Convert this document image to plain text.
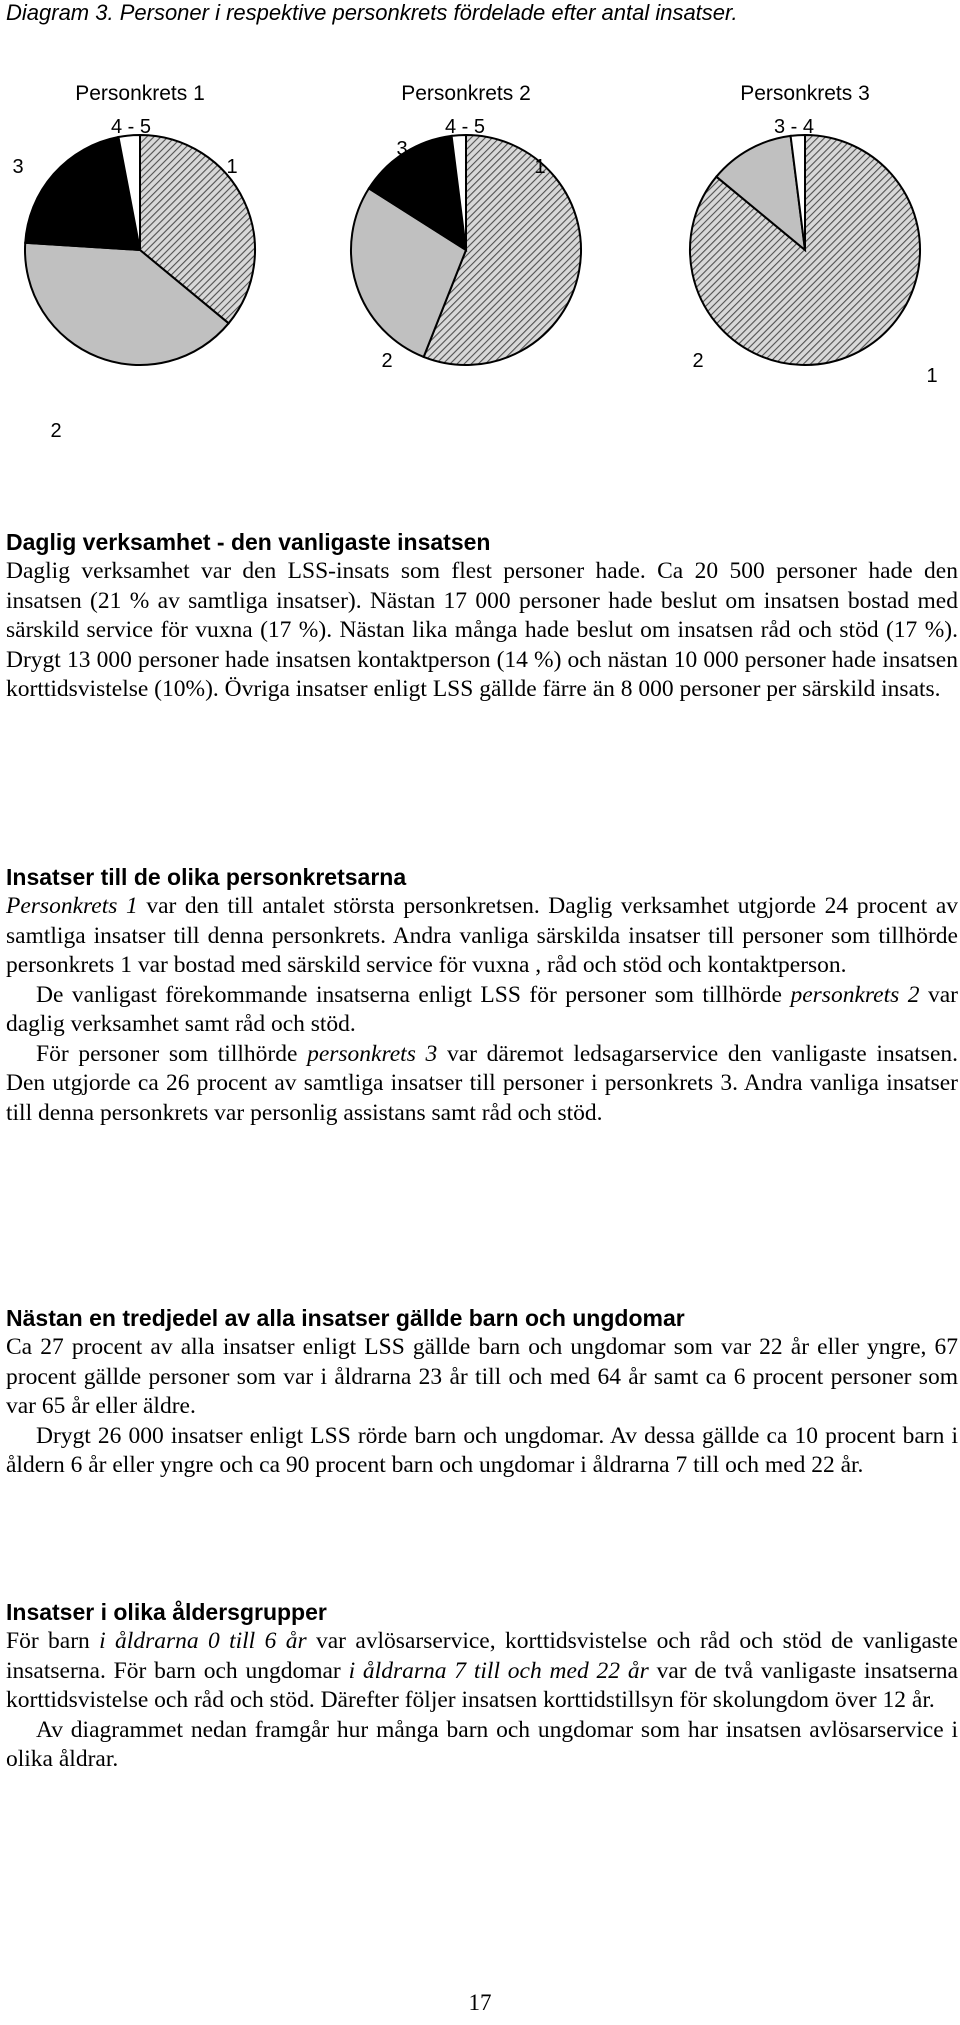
Diagram 3. Personer i respektive personkrets fördelade efter antal insatser.
Personkrets 1	Personkrets 2	Personkrets 3
1
2
3
4 - 5
1
2
3
4 - 5
1
2
3 - 4
Daglig verksamhet - den vanligaste insatsen

Daglig verksamhet var den LSS-insats som flest personer hade. Ca 20 500 personer hade den insatsen (21 % av samtliga insatser). Nästan 17 000 personer hade beslut om insatsen bostad med särskild service för vuxna (17 %). Nästan lika många hade beslut om insatsen råd och stöd (17 %). Drygt 13 000 personer hade insatsen kontaktperson (14 %) och nästan 10 000 personer hade insatsen korttidsvistelse (10%). Övriga insatser enligt LSS gällde färre än 8 000 personer per särskild insats.

Insatser till de olika personkretsarna

Personkrets 1 var den till antalet största personkretsen. Daglig verksamhet utgjorde 24 procent av samtliga insatser till denna personkrets. Andra vanliga särskilda insatser till personer som tillhörde personkrets 1 var bostad med särskild service för vuxna , råd och stöd och kontaktperson.

De vanligast förekommande insatserna enligt LSS för personer som tillhörde personkrets 2 var daglig verksamhet samt råd och stöd.

För personer som tillhörde personkrets 3 var däremot ledsagarservice den vanligaste insatsen. Den utgjorde ca 26 procent av samtliga insatser till personer i personkrets 3. Andra vanliga insatser till denna personkrets var personlig assistans samt råd och stöd.

Nästan en tredjedel av alla insatser gällde barn och ungdomar

Ca 27 procent av alla insatser enligt LSS gällde barn och ungdomar som var 22 år eller yngre, 67 procent gällde personer som var i åldrarna 23 år till och med 64 år samt ca 6 procent personer som var 65 år eller äldre.

Drygt 26 000 insatser enligt LSS rörde barn och ungdomar. Av dessa gällde ca 10 procent barn i åldern 6 år eller yngre och ca 90 procent barn och ungdomar i åldrarna 7 till och med 22 år.

Insatser i olika åldersgrupper

För barn i åldrarna 0 till 6 år var avlösarservice, korttidsvistelse och råd och stöd de vanligaste insatserna. För barn och ungdomar i åldrarna 7 till och med 22 år var de två vanligaste insatserna korttidsvistelse och råd och stöd. Därefter följer insatsen korttidstillsyn för skolungdom över 12 år.

Av diagrammet nedan framgår hur många barn och ungdomar som har insatsen avlösarservice i olika åldrar.

17
